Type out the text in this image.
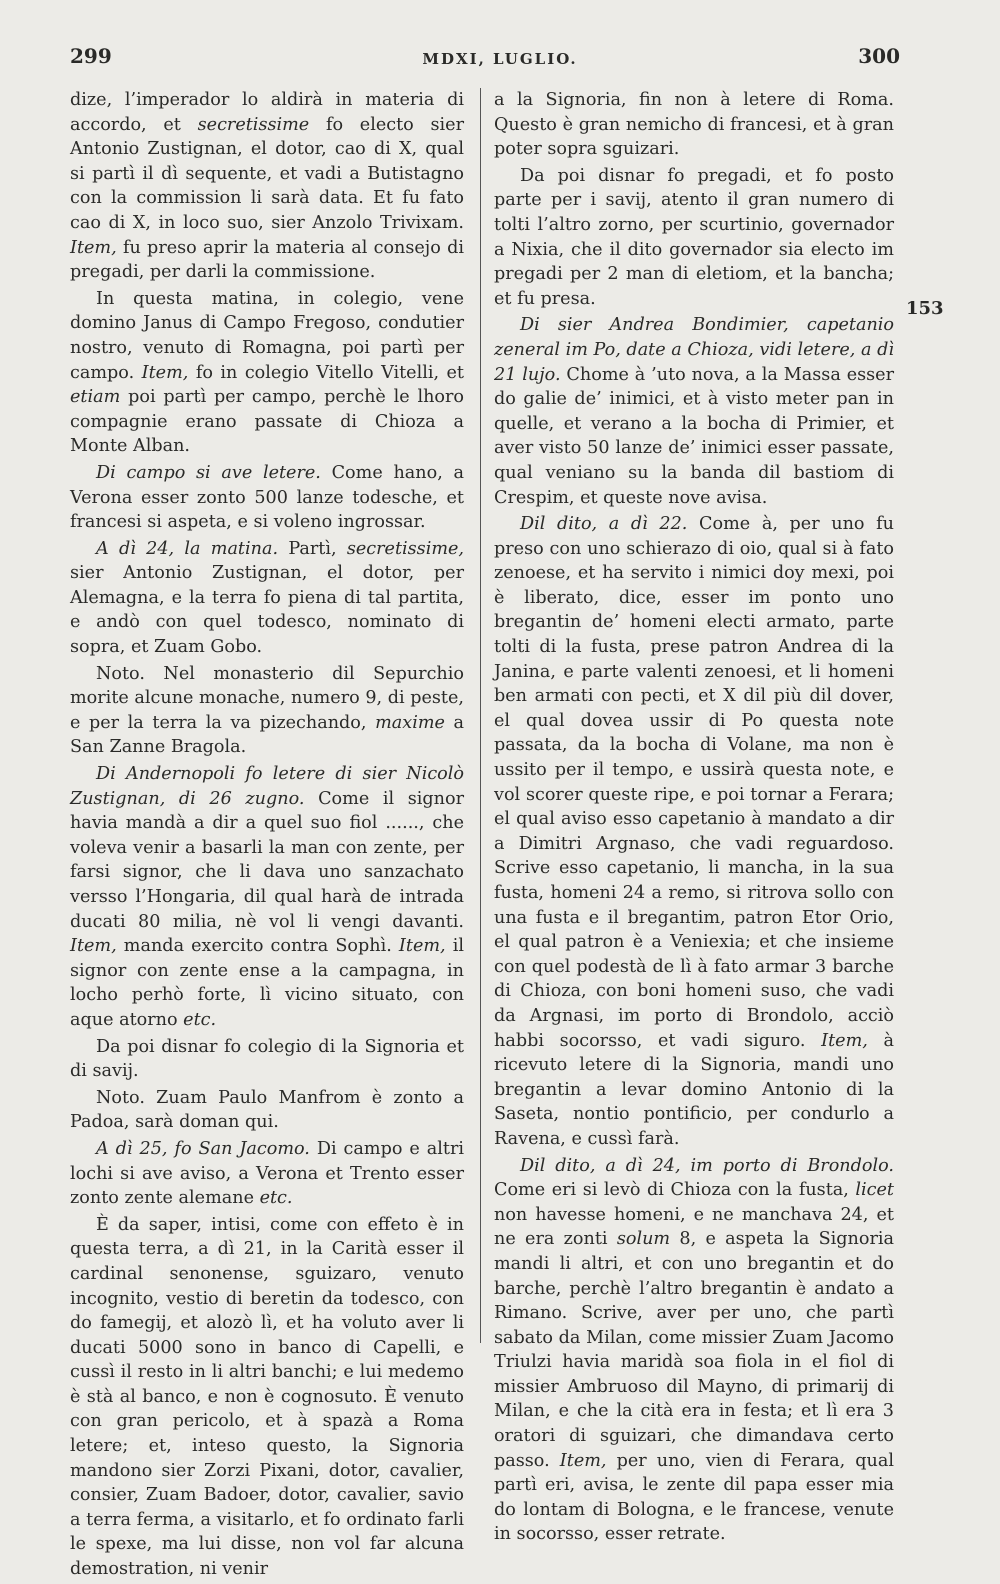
299	MDXI, LUGLIO.	300

dize, l’imperador lo aldirà in materia di accordo, et secretissime fo electo sier Antonio Zustignan, el dotor, cao di X, qual si partì il dì sequente, et vadi a Butistagno con la commission li sarà data. Et fu fato cao di X, in loco suo, sier Anzolo Trivixam. Item, fu preso aprir la materia al consejo di pregadi, per darli la commissione.

In questa matina, in colegio, vene domino Janus di Campo Fregoso, condutier nostro, venuto di Romagna, poi partì per campo. Item, fo in colegio Vitello Vitelli, et etiam poi partì per campo, perchè le lhoro compagnie erano passate di Chioza a Monte Alban.

Di campo si ave letere. Come hano, a Verona esser zonto 500 lanze todesche, et francesi si aspeta, e si voleno ingrossar.

A dì 24, la matina. Partì, secretissime, sier Antonio Zustignan, el dotor, per Alemagna, e la terra fo piena di tal partita, e andò con quel todesco, nominato di sopra, et Zuam Gobo.

Noto. Nel monasterio dil Sepurchio morite alcune monache, numero 9, di peste, e per la terra la va pizechando, maxime a San Zanne Bragola.

Di Andernopoli fo letere di sier Nicolò Zustignan, di 26 zugno. Come il signor havia mandà a dir a quel suo fiol ......, che voleva venir a basarli la man con zente, per farsi signor, che li dava uno sanzachato versso l’Hongaria, dil qual harà de intrada ducati 80 milia, nè vol li vengi davanti. Item, manda exercito contra Sophì. Item, il signor con zente ense a la campagna, in locho perhò forte, lì vicino situato, con aque atorno etc.

Da poi disnar fo colegio di la Signoria et di savij.

Noto. Zuam Paulo Manfrom è zonto a Padoa, sarà doman qui.

A dì 25, fo San Jacomo. Di campo e altri lochi si ave aviso, a Verona et Trento esser zonto zente alemane etc.

È da saper, intisi, come con effeto è in questa terra, a dì 21, in la Carità esser il cardinal senonense, sguizaro, venuto incognito, vestio di beretin da todesco, con do famegij, et alozò lì, et ha voluto aver li ducati 5000 sono in banco di Capelli, e cussì il resto in li altri banchi; e lui medemo è stà al banco, e non è cognosuto. È venuto con gran pericolo, et à spazà a Roma letere; et, inteso questo, la Signoria mandono sier Zorzi Pixani, dotor, cavalier, consier, Zuam Badoer, dotor, cavalier, savio a terra ferma, a visitarlo, et fo ordinato farli le spexe, ma lui disse, non vol far alcuna demostration, ni venir

a la Signoria, fin non à letere di Roma. Questo è gran nemicho di francesi, et à gran poter sopra sguizari.

Da poi disnar fo pregadi, et fo posto parte per i savij, atento il gran numero di tolti l’altro zorno, per scurtinio, governador a Nixia, che il dito governador sia electo im pregadi per 2 man di eletiom, et la bancha; et fu presa.

Di sier Andrea Bondimier, capetanio zeneral im Po, date a Chioza, vidi letere, a dì 21 lujo. Chome à ’uto nova, a la Massa esser do galie de’ inimici, et à visto meter pan in quelle, et verano a la bocha di Primier, et aver visto 50 lanze de’ inimici esser passate, qual veniano su la banda dil bastiom di Crespim, et queste nove avisa.

Dil dito, a dì 22. Come à, per uno fu preso con uno schierazo di oio, qual si à fato zenoese, et ha servito i nimici doy mexi, poi è liberato, dice, esser im ponto uno bregantin de’ homeni electi armato, parte tolti di la fusta, prese patron Andrea di la Janina, e parte valenti zenoesi, et li homeni ben armati con pecti, et X dil più dil dover, el qual dovea ussir di Po questa note passata, da la bocha di Volane, ma non è ussito per il tempo, e ussirà questa note, e vol scorer queste ripe, e poi tornar a Ferara; el qual aviso esso capetanio à mandato a dir a Dimitri Argnaso, che vadi reguardoso. Scrive esso capetanio, li mancha, in la sua fusta, homeni 24 a remo, si ritrova sollo con una fusta e il bregantim, patron Etor Orio, el qual patron è a Veniexia; et che insieme con quel podestà de lì à fato armar 3 barche di Chioza, con boni homeni suso, che vadi da Argnasi, im porto di Brondolo, acciò habbi socorsso, et vadi siguro. Item, à ricevuto letere di la Signoria, mandi uno bregantin a levar domino Antonio di la Saseta, nontio pontificio, per condurlo a Ravena, e cussì farà.

Dil dito, a dì 24, im porto di Brondolo. Come eri si levò di Chioza con la fusta, licet non havesse homeni, e ne manchava 24, et ne era zonti solum 8, e aspeta la Signoria mandi li altri, et con uno bregantin et do barche, perchè l’altro bregantin è andato a Rimano. Scrive, aver per uno, che partì sabato da Milan, come missier Zuam Jacomo Triulzi havia maridà soa fiola in el fiol di missier Ambruoso dil Mayno, di primarij di Milan, e che la cità era in festa; et lì era 3 oratori di sguizari, che dimandava certo passo. Item, per uno, vien di Ferara, qual partì eri, avisa, le zente dil papa esser mia do lontam di Bologna, e le francese, venute in socorsso, esser retrate.

153
